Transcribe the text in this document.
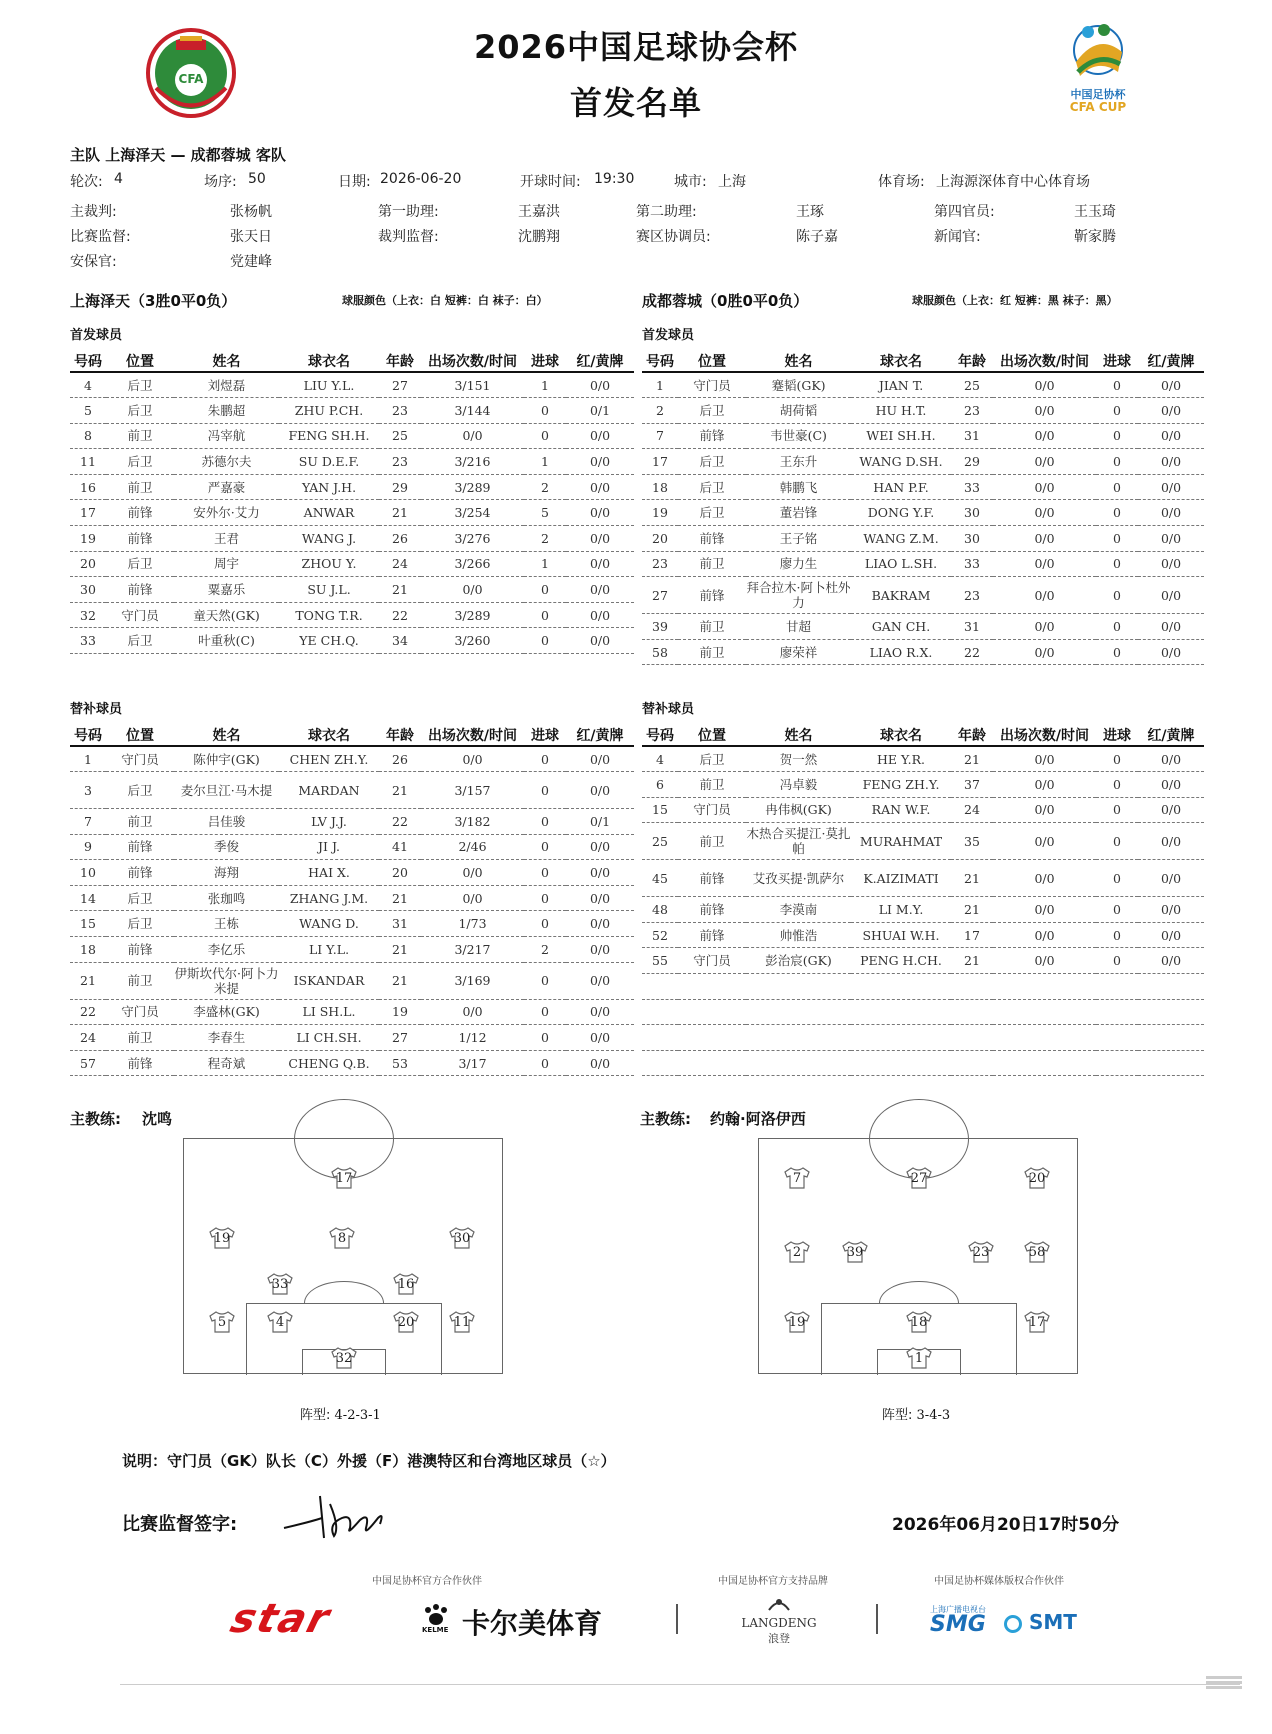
CFA
2026中国足球协会杯
首发名单	中国足协杯
CFA CUP
主队 上海泽天 — 成都蓉城 客队
轮次: 4	场序: 50	日期: 2026-06-20	开球时间: 19:30	城市: 上海	体育场: 上海源深体育中心体育场
主裁判:	张杨帆	第一助理:	王嘉洪	第二助理:	王琢	第四官员:	王玉琦
比赛监督:	张天日	裁判监督:	沈鹏翔	赛区协调员:	陈子嘉	新闻官:	靳家腾
安保官:	党建峰
上海泽天（3胜0平0负）	球服颜色（上衣：白 短裤：白 袜子：白）	成都蓉城（0胜0平0负）	球服颜色（上衣：红 短裤：黑 袜子：黑）
首发球员	首发球员
号码	位置	姓名	球衣名	年龄	出场次数/时间	进球	红/黄牌
4	后卫	刘煜磊	LIU Y.L.	27	3/151	1	0/0
5	后卫	朱鹏超	ZHU P.CH.	23	3/144	0	0/1
8	前卫	冯宰航	FENG SH.H.	25	0/0	0	0/0
11	后卫	苏德尔夫	SU D.E.F.	23	3/216	1	0/0
16	前卫	严嘉豪	YAN J.H.	29	3/289	2	0/0
17	前锋	安外尔·艾力	ANWAR	21	3/254	5	0/0
19	前锋	王君	WANG J.	26	3/276	2	0/0
20	后卫	周宇	ZHOU Y.	24	3/266	1	0/0
30	前锋	粟嘉乐	SU J.L.	21	0/0	0	0/0
32	守门员	童天然(GK)	TONG T.R.	22	3/289	0	0/0
33	后卫	叶重秋(C)	YE CH.Q.	34	3/260	0	0/0
号码	位置	姓名	球衣名	年龄	出场次数/时间	进球	红/黄牌
1	守门员	蹇韬(GK)	JIAN T.	25	0/0	0	0/0
2	后卫	胡荷韬	HU H.T.	23	0/0	0	0/0
7	前锋	韦世豪(C)	WEI SH.H.	31	0/0	0	0/0
17	后卫	王东升	WANG D.SH.	29	0/0	0	0/0
18	后卫	韩鹏飞	HAN P.F.	33	0/0	0	0/0
19	后卫	董岩锋	DONG Y.F.	30	0/0	0	0/0
20	前锋	王子铭	WANG Z.M.	30	0/0	0	0/0
23	前卫	廖力生	LIAO L.SH.	33	0/0	0	0/0
27	前锋	拜合拉木·阿卜杜外力	BAKRAM	23	0/0	0	0/0
39	前卫	甘超	GAN CH.	31	0/0	0	0/0
58	前卫	廖荣祥	LIAO R.X.	22	0/0	0	0/0
替补球员	替补球员
号码	位置	姓名	球衣名	年龄	出场次数/时间	进球	红/黄牌
1	守门员	陈仲宇(GK)	CHEN ZH.Y.	26	0/0	0	0/0
3	后卫	麦尔旦江·马木提	MARDAN	21	3/157	0	0/0
7	前卫	吕佳骏	LV J.J.	22	3/182	0	0/1
9	前锋	季俊	JI J.	41	2/46	0	0/0
10	前锋	海翔	HAI X.	20	0/0	0	0/0
14	后卫	张珈鸣	ZHANG J.M.	21	0/0	0	0/0
15	后卫	王栋	WANG D.	31	1/73	0	0/0
18	前锋	李亿乐	LI Y.L.	21	3/217	2	0/0
21	前卫	伊斯坎代尔·阿卜力米提	ISKANDAR	21	3/169	0	0/0
22	守门员	李盛林(GK)	LI SH.L.	19	0/0	0	0/0
24	前卫	李春生	LI CH.SH.	27	1/12	0	0/0
57	前锋	程奇斌	CHENG Q.B.	53	3/17	0	0/0
号码	位置	姓名	球衣名	年龄	出场次数/时间	进球	红/黄牌
4	后卫	贺一然	HE Y.R.	21	0/0	0	0/0
6	前卫	冯卓毅	FENG ZH.Y.	37	0/0	0	0/0
15	守门员	冉伟枫(GK)	RAN W.F.	24	0/0	0	0/0
25	前卫	木热合买提江·莫扎帕	MURAHMAT	35	0/0	0	0/0
45	前锋	艾孜买提·凯萨尔	K.AIZIMATI	21	0/0	0	0/0
48	前锋	李漠南	LI M.Y.	21	0/0	0	0/0
52	前锋	帅惟浩	SHUAI W.H.	17	0/0	0	0/0
55	守门员	彭治宸(GK)	PENG H.CH.	21	0/0	0	0/0

主教练: 沈鸣	主教练: 约翰·阿洛伊西
17
19	8	30
33	16
5	4	20	11
32
阵型: 4-2-3-1
7	27	20
2	39	23	58
19	18	17
1
阵型: 3-4-3
说明：守门员（GK）队长（C）外援（F）港澳特区和台湾地区球员（☆）
比赛监督签字:	2026年06月20日17时50分
中国足协杯官方合作伙伴	中国足协杯官方支持品牌	中国足协杯媒体版权合作伙伴
star	KELME 卡尔美体育	LANGDENG
浪登
上海广播电视台
SMG	SMT
